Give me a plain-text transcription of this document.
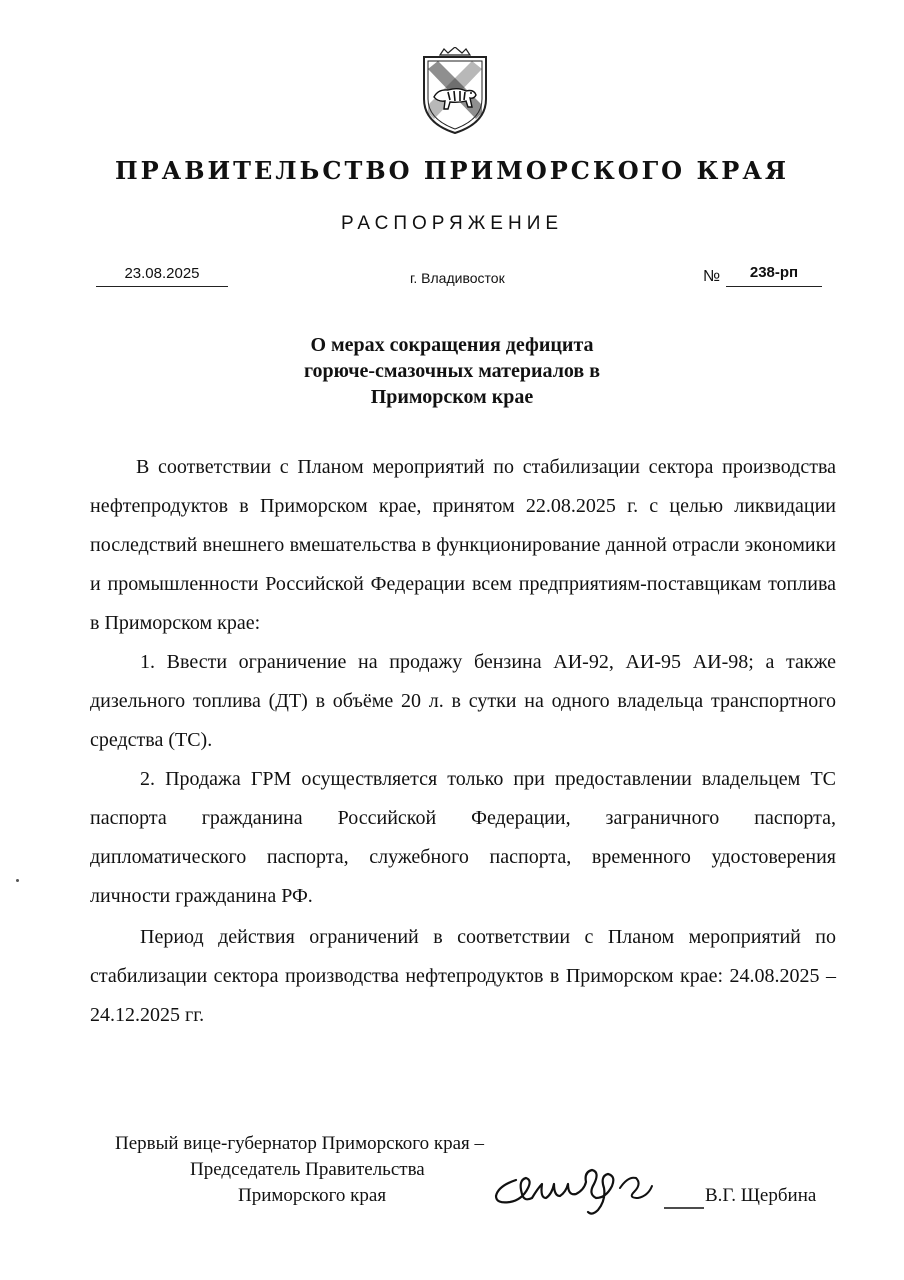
ПРАВИТЕЛЬСТВО ПРИМОРСКОГО КРАЯ
РАСПОРЯЖЕНИЕ
23.08.2025	г. Владивосток	№	238-рп
О мерах сокращения дефицита
горюче-смазочных материалов в
Приморском крае

В соответствии с Планом мероприятий по стабилизации сектора производства нефтепродуктов в Приморском крае, принятом 22.08.2025 г. с целью ликвидации последствий внешнего вмешательства в функционирование данной отрасли экономики и промышленности Российской Федерации всем предприятиям-поставщикам топлива в Приморском крае:

1. Ввести ограничение на продажу бензина АИ-92, АИ-95 АИ-98; а также дизельного топлива (ДТ) в объёме 20 л. в сутки на одного владельца транспортного средства (ТС).

2. Продажа ГРМ осуществляется только при предоставлении владельцем ТС паспорта гражданина Российской Федерации, заграничного паспорта, дипломатического паспорта, служебного паспорта, временного удостоверения личности гражданина РФ.

Период действия ограничений в соответствии с Планом мероприятий по стабилизации сектора производства нефтепродуктов в Приморском крае: 24.08.2025 – 24.12.2025 гг.

Первый вице-губернатор Приморского края –
Председатель Правительства
Приморского края	В.Г. Щербина
